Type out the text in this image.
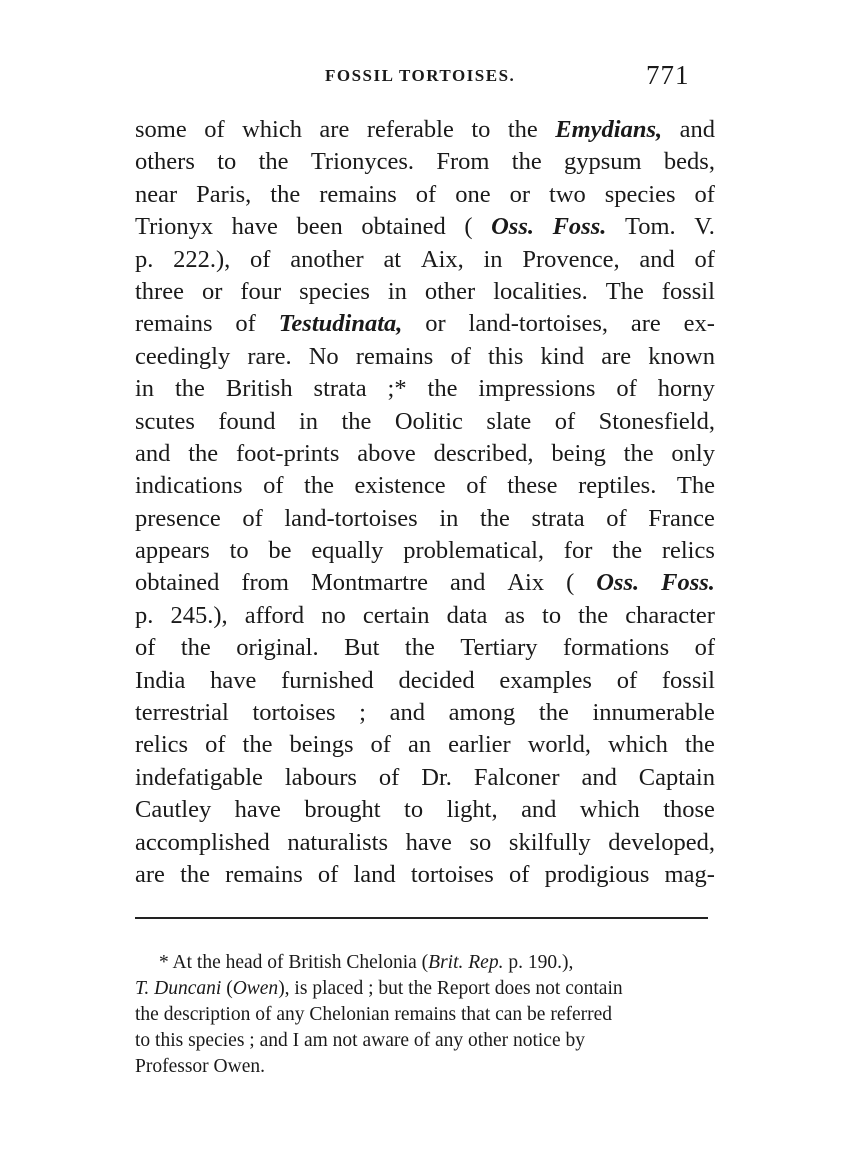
FOSSIL TORTOISES.	771
some of which are referable to the Emydians, and
others to the Trionyces. From the gypsum beds,
near Paris, the remains of one or two species of
Trionyx have been obtained ( Oss. Foss. Tom. V.
p. 222.), of another at Aix, in Provence, and of
three or four species in other localities. The fossil
remains of Testudinata, or land-tortoises, are ex-
ceedingly rare. No remains of this kind are known
in the British strata ;* the impressions of horny
scutes found in the Oolitic slate of Stonesfield,
and the foot-prints above described, being the only
indications of the existence of these reptiles. The
presence of land-tortoises in the strata of France
appears to be equally problematical, for the relics
obtained from Montmartre and Aix ( Oss. Foss.
p. 245.), afford no certain data as to the character
of the original. But the Tertiary formations of
India have furnished decided examples of fossil
terrestrial tortoises ; and among the innumerable
relics of the beings of an earlier world, which the
indefatigable labours of Dr. Falconer and Captain
Cautley have brought to light, and which those
accomplished naturalists have so skilfully developed,
are the remains of land tortoises of prodigious mag-
* At the head of British Chelonia (Brit. Rep. p. 190.),
T. Duncani (Owen), is placed ; but the Report does not contain
the description of any Chelonian remains that can be referred
to this species ; and I am not aware of any other notice by
Professor Owen.
